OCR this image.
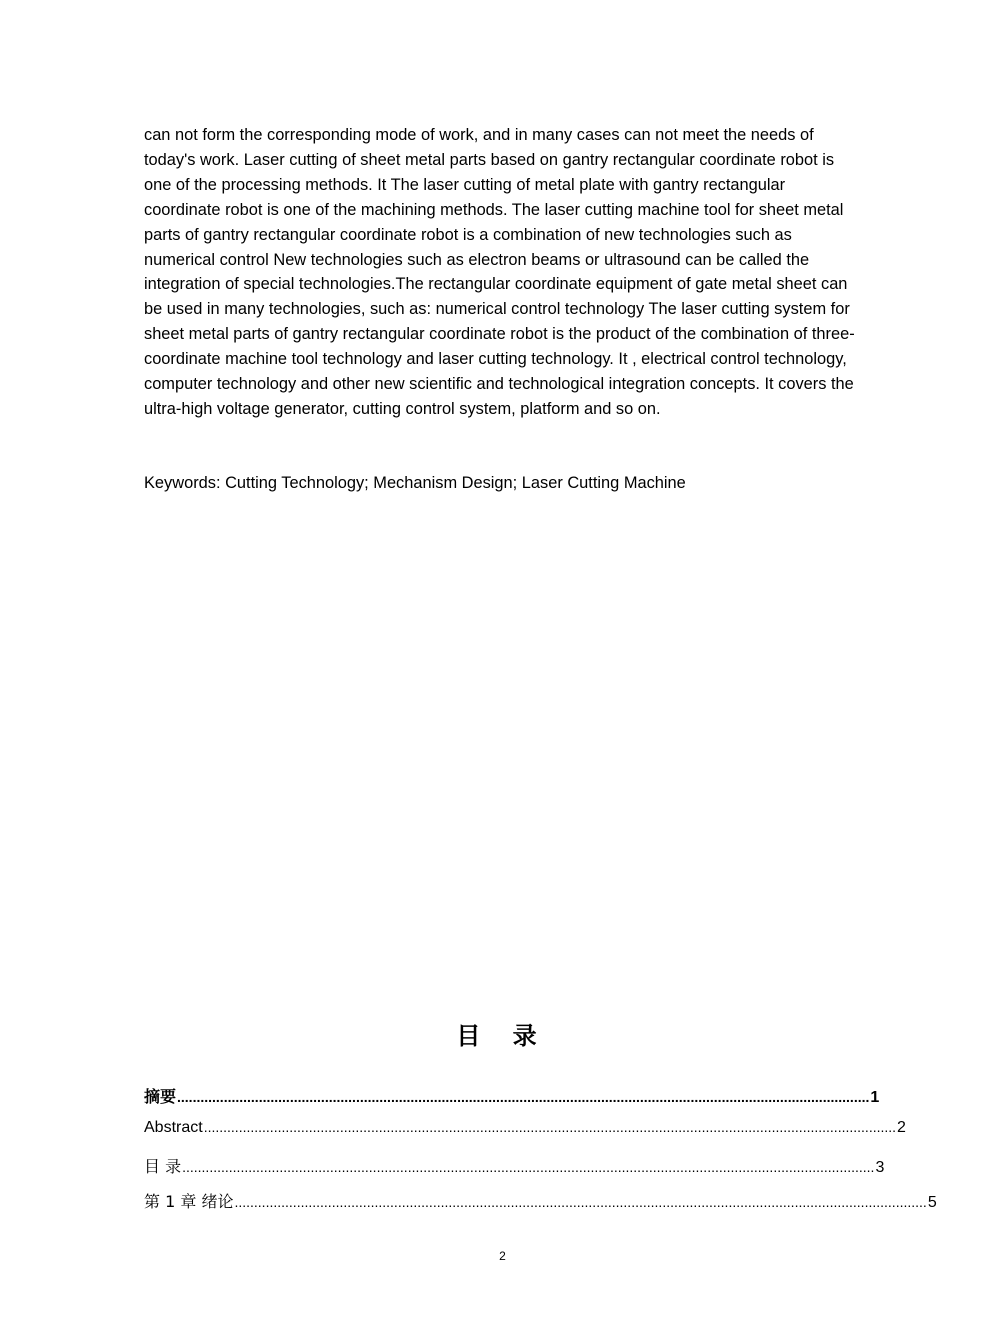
can not form the corresponding mode of work, and in many cases can not meet the needs of today's work. Laser cutting of sheet metal parts based on gantry rectangular coordinate robot is one of the processing methods. It The laser cutting of metal plate with gantry rectangular coordinate robot is one of the machining methods. The laser cutting machine tool for sheet metal parts of gantry rectangular coordinate robot is a combination of new technologies such as numerical control New technologies such as electron beams or ultrasound can be called the integration of special technologies.The rectangular coordinate equipment of gate metal sheet can be used in many technologies, such as: numerical control technology The laser cutting system for sheet metal parts of gantry rectangular coordinate robot is the product of the combination of three-coordinate machine tool technology and laser cutting technology. It , electrical control technology, computer technology and other new scientific and technological integration concepts. It covers the ultra-high voltage generator, cutting control system, platform and so on.

Keywords: Cutting Technology; Mechanism Design; Laser Cutting Machine

目 录
摘要 .................................................................................................................................................................................. 1
Abstract .................................................................................................................................................................................. 2
目 录 .................................................................................................................................................................................. 3
第 1 章 绪论 .................................................................................................................................................................................. 5
2
